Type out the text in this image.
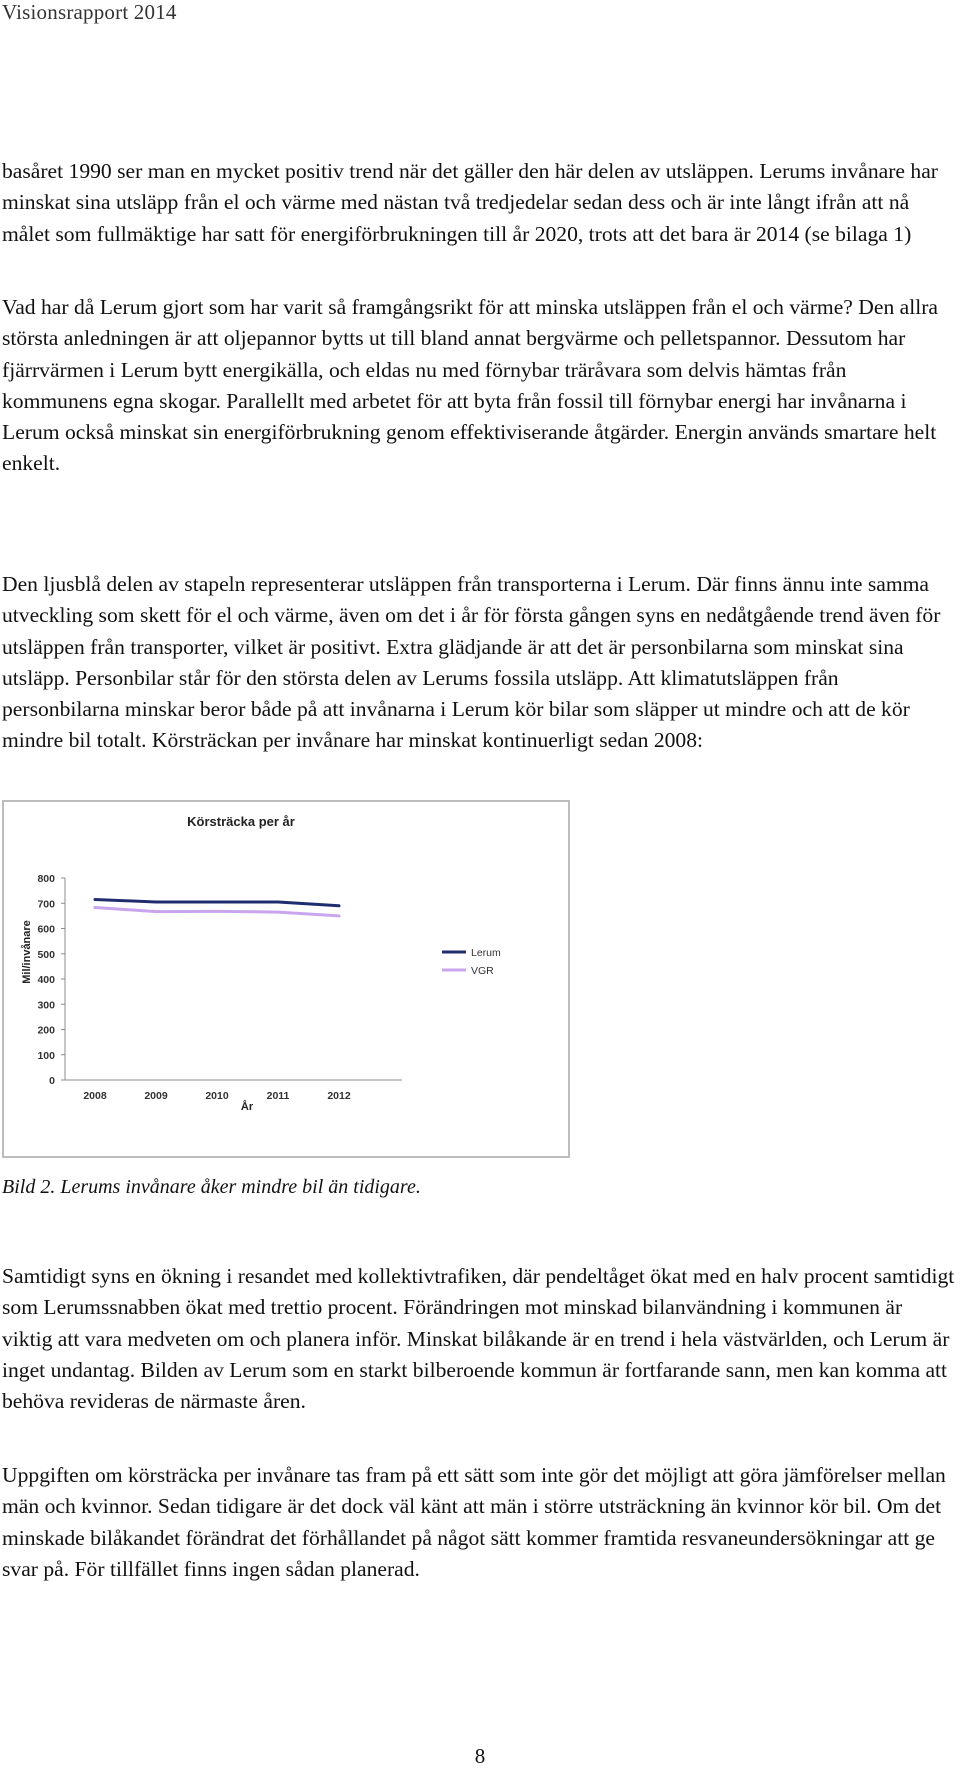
Visionsrapport 2014

basåret 1990 ser man en mycket positiv trend när det gäller den här delen av utsläppen. Lerums invånare har minskat sina utsläpp från el och värme med nästan två tredjedelar sedan dess och är inte långt ifrån att nå målet som fullmäktige har satt för energiförbrukningen till år 2020, trots att det bara är 2014 (se bilaga 1)

Vad har då Lerum gjort som har varit så framgångsrikt för att minska utsläppen från el och värme? Den allra största anledningen är att oljepannor bytts ut till bland annat bergvärme och pelletspannor. Dessutom har fjärrvärmen i Lerum bytt energikälla, och eldas nu med förnybar träråvara som delvis hämtas från kommunens egna skogar. Parallellt med arbetet för att byta från fossil till förnybar energi har invånarna i Lerum också minskat sin energiförbrukning genom effektiviserande åtgärder. Energin används smartare helt enkelt.

Den ljusblå delen av stapeln representerar utsläppen från transporterna i Lerum. Där finns ännu inte samma utveckling som skett för el och värme, även om det i år för första gången syns en nedåtgående trend även för utsläppen från transporter, vilket är positivt. Extra glädjande är att det är personbilarna som minskat sina utsläpp. Personbilar står för den största delen av Lerums fossila utsläpp. Att klimatutsläppen från personbilarna minskar beror både på att invånarna i Lerum kör bilar som släpper ut mindre och att de kör mindre bil totalt. Körsträckan per invånare har minskat kontinuerligt sedan 2008:

Körsträcka per år
Mil/invånare
År
0
100
200
300
400
500
600
700
800
2008	2009	2010	2011	2012
Lerum
VGR

Bild 2. Lerums invånare åker mindre bil än tidigare.

Samtidigt syns en ökning i resandet med kollektivtrafiken, där pendeltåget ökat med en halv procent samtidigt som Lerumssnabben ökat med trettio procent. Förändringen mot minskad bilanvändning i kommunen är viktig att vara medveten om och planera inför. Minskat bilåkande är en trend i hela västvärlden, och Lerum är inget undantag. Bilden av Lerum som en starkt bilberoende kommun är fortfarande sann, men kan komma att behöva revideras de närmaste åren.

Uppgiften om körsträcka per invånare tas fram på ett sätt som inte gör det möjligt att göra jämförelser mellan män och kvinnor. Sedan tidigare är det dock väl känt att män i större utsträckning än kvinnor kör bil. Om det minskade bilåkandet förändrat det förhållandet på något sätt kommer framtida resvaneundersökningar att ge svar på. För tillfället finns ingen sådan planerad.

8
